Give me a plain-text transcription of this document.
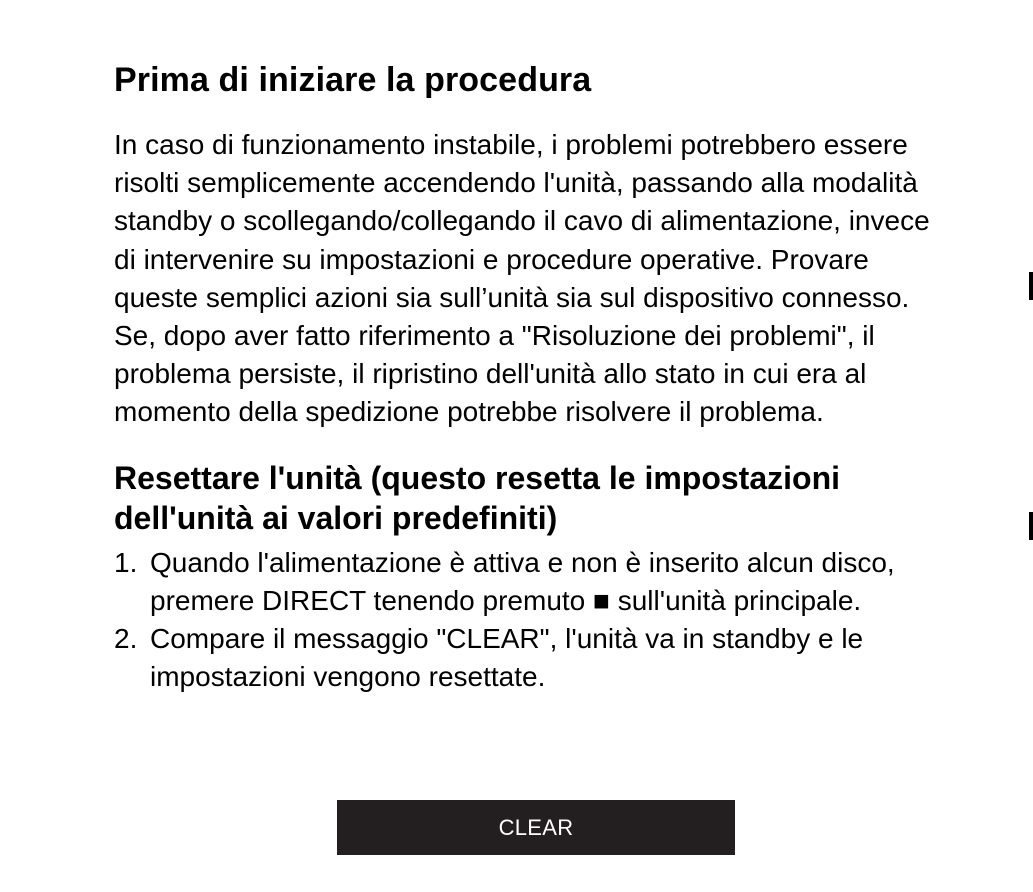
Prima di iniziare la procedura

In caso di funzionamento instabile, i problemi potrebbero essere risolti semplicemente accendendo l'unità, passando alla modalità standby o scollegando/collegando il cavo di alimentazione, invece di intervenire su impostazioni e procedure operative. Provare queste semplici azioni sia sull’unità sia sul dispositivo connesso. Se, dopo aver fatto riferimento a "Risoluzione dei problemi", il problema persiste, il ripristino dell'unità allo stato in cui era al momento della spedizione potrebbe risolvere il problema.

Resettare l'unità (questo resetta le impostazioni dell'unità ai valori predefiniti)
1. Quando l'alimentazione è attiva e non è inserito alcun disco, premere DIRECT tenendo premuto ■ sull'unità principale.
2. Compare il messaggio "CLEAR", l'unità va in standby e le impostazioni vengono resettate.
CLEAR
